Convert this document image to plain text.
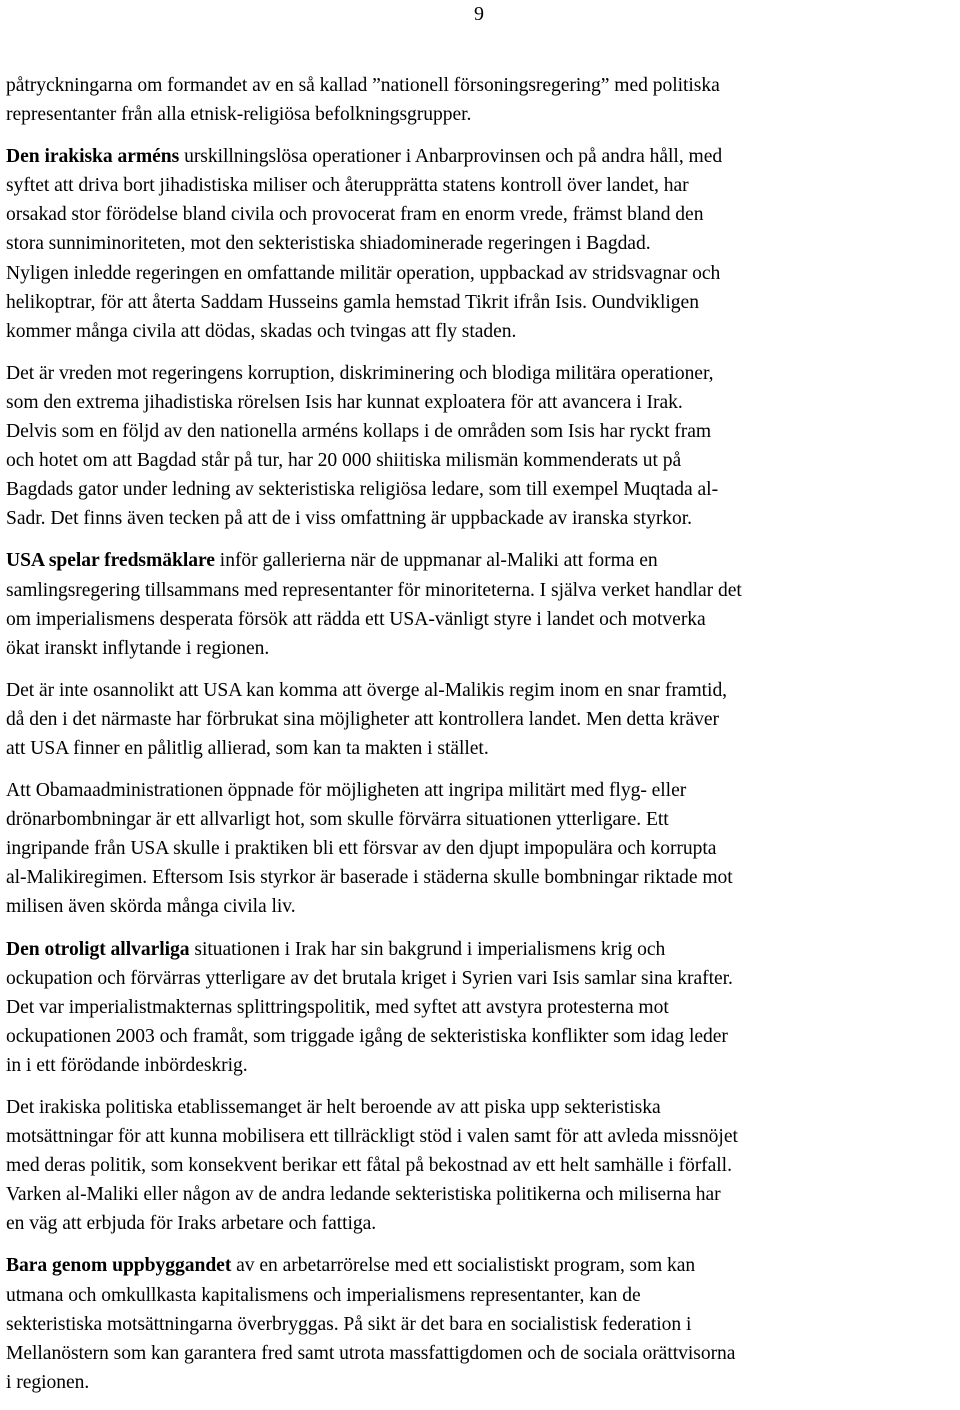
9

påtryckningarna om formandet av en så kallad ”nationell försoningsregering” med politiska
representanter från alla etnisk-religiösa befolkningsgrupper.

Den irakiska arméns urskillningslösa operationer i Anbarprovinsen och på andra håll, med
syftet att driva bort jihadistiska miliser och återupprätta statens kontroll över landet, har
orsakad stor förödelse bland civila och provocerat fram en enorm vrede, främst bland den
stora sunniminoriteten, mot den sekteristiska shiadominerade regeringen i Bagdad.
Nyligen inledde regeringen en omfattande militär operation, uppbackad av stridsvagnar och
helikoptrar, för att återta Saddam Husseins gamla hemstad Tikrit ifrån Isis. Oundvikligen
kommer många civila att dödas, skadas och tvingas att fly staden.

Det är vreden mot regeringens korruption, diskriminering och blodiga militära operationer,
som den extrema jihadistiska rörelsen Isis har kunnat exploatera för att avancera i Irak.
Delvis som en följd av den nationella arméns kollaps i de områden som Isis har ryckt fram
och hotet om att Bagdad står på tur, har 20 000 shiitiska milismän kommenderats ut på
Bagdads gator under ledning av sekteristiska religiösa ledare, som till exempel Muqtada al-
Sadr. Det finns även tecken på att de i viss omfattning är uppbackade av iranska styrkor.

USA spelar fredsmäklare inför gallerierna när de uppmanar al-Maliki att forma en
samlingsregering tillsammans med representanter för minoriteterna. I själva verket handlar det
om imperialismens desperata försök att rädda ett USA-vänligt styre i landet och motverka
ökat iranskt inflytande i regionen.

Det är inte osannolikt att USA kan komma att överge al-Malikis regim inom en snar framtid,
då den i det närmaste har förbrukat sina möjligheter att kontrollera landet. Men detta kräver
att USA finner en pålitlig allierad, som kan ta makten i stället.

Att Obamaadministrationen öppnade för möjligheten att ingripa militärt med flyg- eller
drönarbombningar är ett allvarligt hot, som skulle förvärra situationen ytterligare. Ett
ingripande från USA skulle i praktiken bli ett försvar av den djupt impopulära och korrupta
al-Malikiregimen. Eftersom Isis styrkor är baserade i städerna skulle bombningar riktade mot
milisen även skörda många civila liv.

Den otroligt allvarliga situationen i Irak har sin bakgrund i imperialismens krig och
ockupation och förvärras ytterligare av det brutala kriget i Syrien vari Isis samlar sina krafter.
Det var imperialistmakternas splittringspolitik, med syftet att avstyra protesterna mot
ockupationen 2003 och framåt, som triggade igång de sekteristiska konflikter som idag leder
in i ett förödande inbördeskrig.

Det irakiska politiska etablissemanget är helt beroende av att piska upp sekteristiska
motsättningar för att kunna mobilisera ett tillräckligt stöd i valen samt för att avleda missnöjet
med deras politik, som konsekvent berikar ett fåtal på bekostnad av ett helt samhälle i förfall.
Varken al-Maliki eller någon av de andra ledande sekteristiska politikerna och miliserna har
en väg att erbjuda för Iraks arbetare och fattiga.

Bara genom uppbyggandet av en arbetarrörelse med ett socialistiskt program, som kan
utmana och omkullkasta kapitalismens och imperialismens representanter, kan de
sekteristiska motsättningarna överbryggas. På sikt är det bara en socialistisk federation i
Mellanöstern som kan garantera fred samt utrota massfattigdomen och de sociala orättvisorna
i regionen.
